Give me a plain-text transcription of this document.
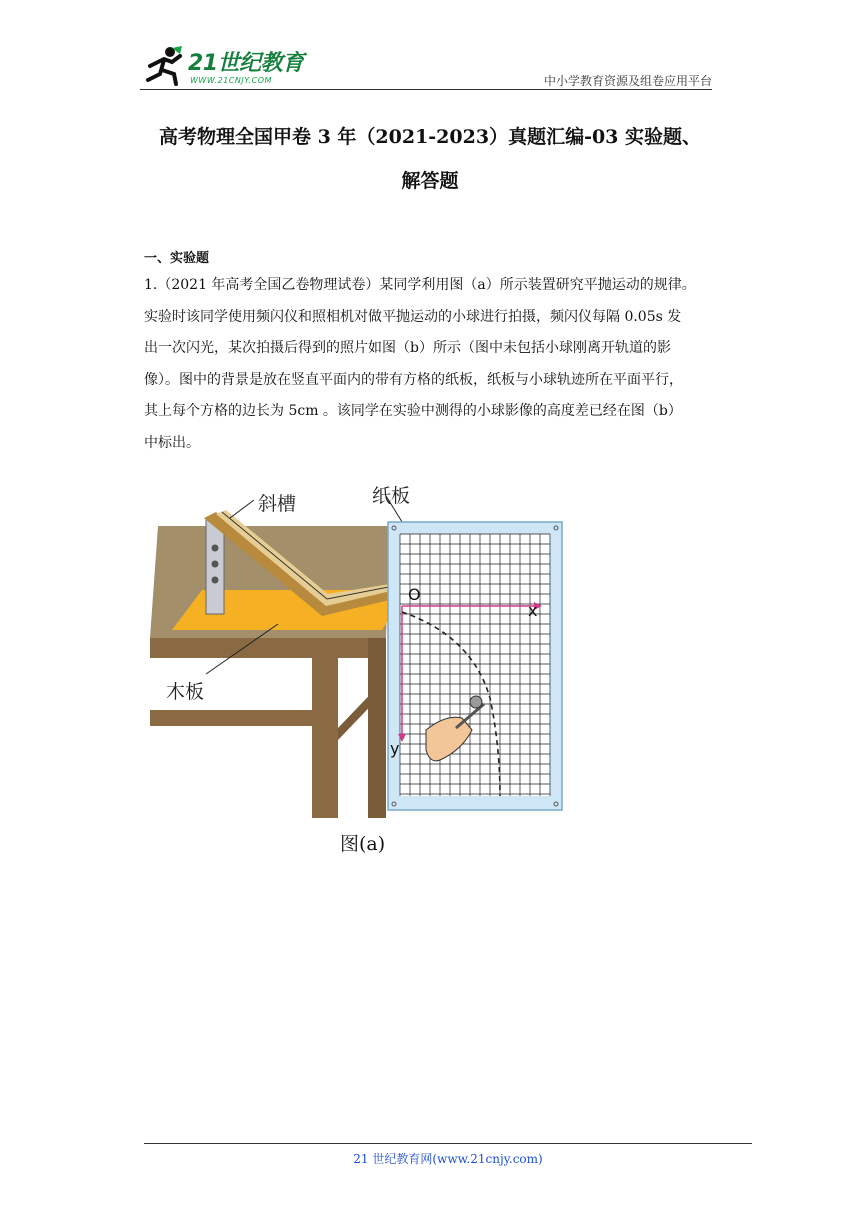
21世纪教育
WWW.21CNJY.COM	中小学教育资源及组卷应用平台
高考物理全国甲卷 3 年（2021-2023）真题汇编-03 实验题、
解答题
一、实验题
1.（2021 年高考全国乙卷物理试卷）某同学利用图（a）所示装置研究平抛运动的规律。
实验时该同学使用频闪仪和照相机对做平抛运动的小球进行拍摄，频闪仪每隔 0.05s 发
出一次闪光，某次拍摄后得到的照片如图（b）所示（图中未包括小球刚离开轨道的影
像）。图中的背景是放在竖直平面内的带有方格的纸板，纸板与小球轨迹所在平面平行，
其上每个方格的边长为 5cm 。该同学在实验中测得的小球影像的高度差已经在图（b）
中标出。
斜槽	纸板
木板
O
x
y
图(a)
21 世纪教育网(www.21cnjy.com)
